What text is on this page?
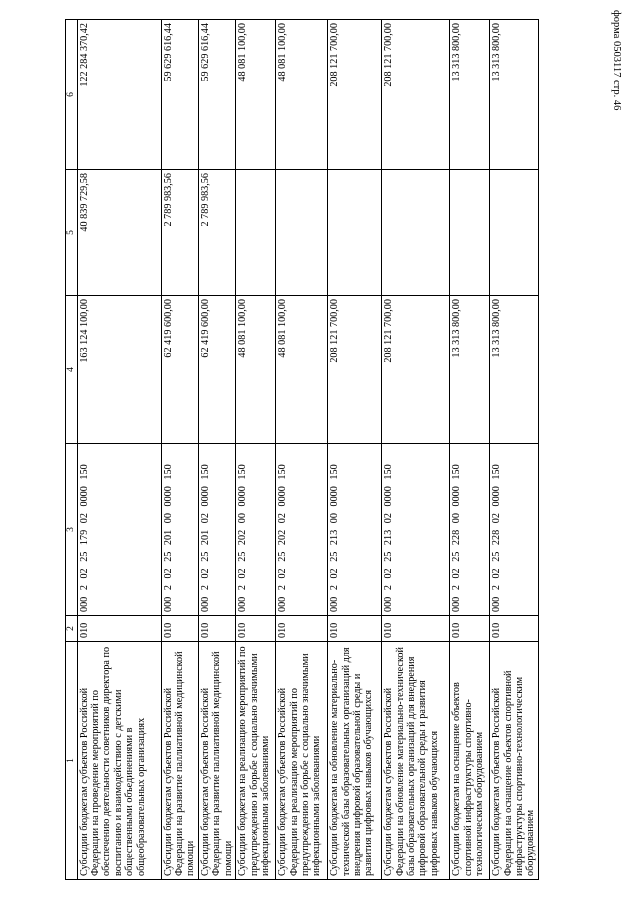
форма 0503117 стр. 46
1	2	3	4	5	6
Субсидии бюджетам субъектов Российской Федерации на проведение мероприятий по обеспечению деятельности советников директора по воспитанию и взаимодействию с детскими общественными объединениями в общеобразовательных организациях	010	000 2 02 25 179 02 0000 150	163 124 100,00	40 839 729,58	122 284 370,42
Субсидии бюджетам субъектов Российской Федерации на развитие паллиативной медицинской помощи	010	000 2 02 25 201 00 0000 150	62 419 600,00	2 789 983,56	59 629 616,44
Субсидии бюджетам субъектов Российской Федерации на развитие паллиативной медицинской помощи	010	000 2 02 25 201 02 0000 150	62 419 600,00	2 789 983,56	59 629 616,44
Субсидии бюджетам на реализацию мероприятий по предупреждению и борьбе с социально значимыми инфекционными заболеваниями	010	000 2 02 25 202 00 0000 150	48 081 100,00		48 081 100,00
Субсидии бюджетам субъектов Российской Федерации на реализацию мероприятий по предупреждению и борьбе с социально значимыми инфекционными заболеваниями	010	000 2 02 25 202 02 0000 150	48 081 100,00		48 081 100,00
Субсидии бюджетам на обновление материально-технической базы образовательных организаций для внедрения цифровой образовательной среды и развития цифровых навыков обучающихся	010	000 2 02 25 213 00 0000 150	208 121 700,00		208 121 700,00
Субсидии бюджетам субъектов Российской Федерации на обновление материально-технической базы образовательных организаций для внедрения цифровой образовательной среды и развития цифровых навыков обучающихся	010	000 2 02 25 213 02 0000 150	208 121 700,00		208 121 700,00
Субсидии бюджетам на оснащение объектов спортивной инфраструктуры спортивно-технологическим оборудованием	010	000 2 02 25 228 00 0000 150	13 313 800,00		13 313 800,00
Субсидии бюджетам субъектов Российской Федерации на оснащение объектов спортивной инфраструктуры спортивно-технологическим оборудованием	010	000 2 02 25 228 02 0000 150	13 313 800,00		13 313 800,00
